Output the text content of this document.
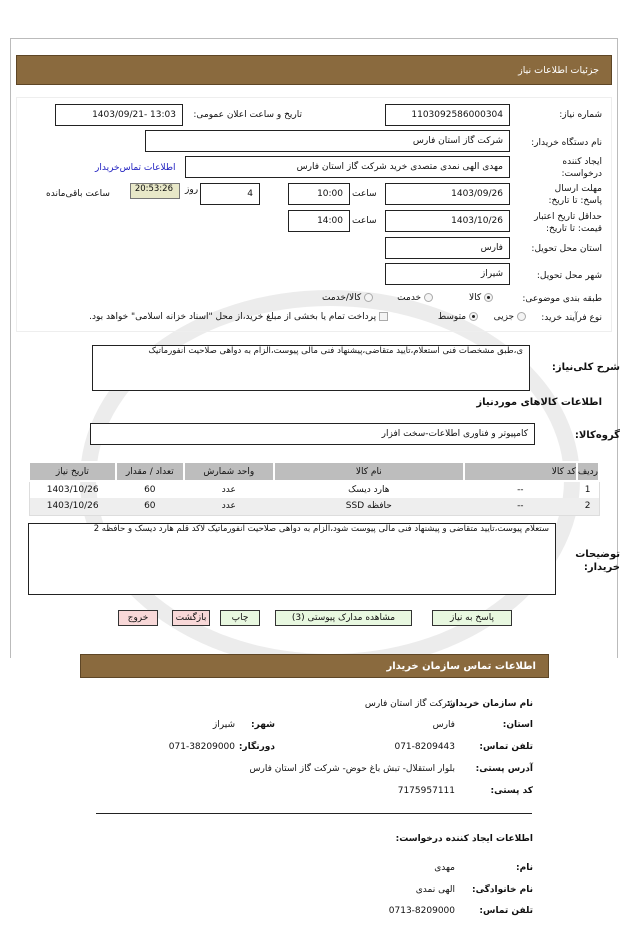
جزئیات اطلاعات نیاز
شماره نیاز:
1103092586000304
تاریخ و ساعت اعلان عمومی:
1403/09/21- 13:03
نام دستگاه خریدار:
شرکت گاز استان فارس
ایجاد کننده درخواست:
مهدی الهی نمدی متصدی خرید شرکت گاز استان فارس
اطلاعات تماس‌خریدار
مهلت ارسال پاسخ: تا تاریخ:
1403/09/26
ساعت
10:00
4
روز
20:53:26
ساعت باقی‌مانده
حداقل تاریخ اعتبار قیمت: تا تاریخ:
1403/10/26
ساعت
14:00
استان محل تحویل:
فارس
شهر محل تحویل:
شیراز
طبقه بندی موضوعی:
کالا
خدمت
کالا/خدمت
نوع فرآیند خرید:
جزیی
متوسط
پرداخت تمام یا بخشی از مبلغ خرید،از محل "اسناد خزانه اسلامی" خواهد بود.
ی،طبق مشخصات فنی استعلام،تایید متقاضی،پیشنهاد فنی مالی پیوست،الزام به دواهی صلاحیت انفورماتیک
شرح کلی‌نیاز:
اطلاعات کالاهای موردنیاز
کامپیوتر و فناوری اطلاعات-سخت افزار	گروه‌کالا:
ردیف	کد کالا	نام کالا	واحد شمارش	تعداد / مقدار	تاریخ نیاز
1	--	هارد دیسک	عدد	60	1403/10/26
2	--	حافظه SSD	عدد	60	1403/10/26
ستعلام پیوست،تایید متقاضی و پیشنهاد فنی مالی پیوست شود،الزام به دواهی صلاحیت انفورماتیک لاکد قلم هارد دیسک و حافظه 2
توضیحات خریدار:
پاسخ به نیاز
مشاهده مدارک پیوستی (3)
چاپ
بازگشت
خروج
اطلاعات تماس سازمان خریدار
نام سازمان خریدار:
شرکت گاز استان فارس
استان:
فارس
شهر:
شیراز
تلفن تماس:
071-8209443
دورنگار:
071-38209000
آدرس پستی:
بلوار استقلال- تبش باغ حوض- شرکت گاز استان فارس
کد پستی:
7175957111
اطلاعات ایجاد کننده درخواست:
نام:
مهدی
نام خانوادگی:
الهی نمدی
تلفن تماس:
0713-8209000
